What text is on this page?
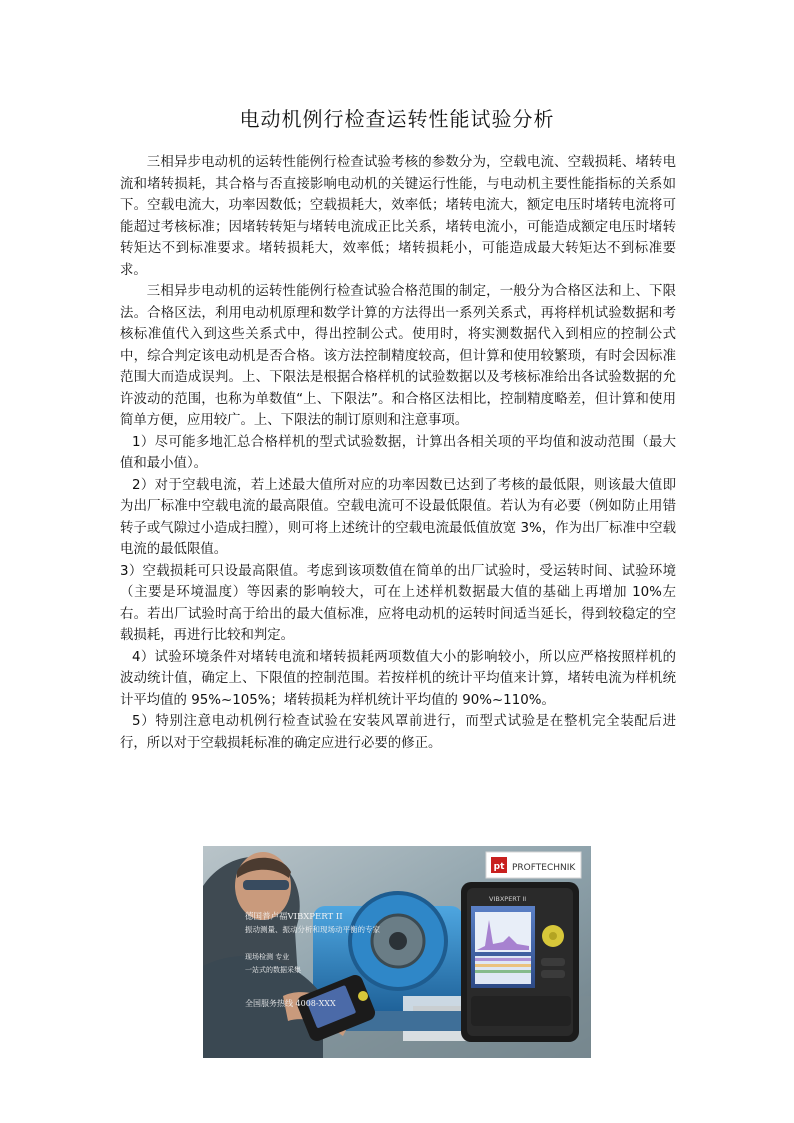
电动机例行检查运转性能试验分析

三相异步电动机的运转性能例行检查试验考核的参数分为，空载电流、空载损耗、堵转电流和堵转损耗，其合格与否直接影响电动机的关键运行性能，与电动机主要性能指标的关系如下。空载电流大，功率因数低；空载损耗大，效率低；堵转电流大，额定电压时堵转电流将可能超过考核标准；因堵转转矩与堵转电流成正比关系，堵转电流小，可能造成额定电压时堵转转矩达不到标准要求。堵转损耗大，效率低；堵转损耗小，可能造成最大转矩达不到标准要求。

三相异步电动机的运转性能例行检查试验合格范围的制定，一般分为合格区法和上、下限法。合格区法，利用电动机原理和数学计算的方法得出一系列关系式，再将样机试验数据和考核标准值代入到这些关系式中，得出控制公式。使用时，将实测数据代入到相应的控制公式中，综合判定该电动机是否合格。该方法控制精度较高，但计算和使用较繁琐，有时会因标准范围大而造成误判。上、下限法是根据合格样机的试验数据以及考核标准给出各试验数据的允许波动的范围，也称为单数值“上、下限法”。和合格区法相比，控制精度略差，但计算和使用简单方便，应用较广。上、下限法的制订原则和注意事项。

1）尽可能多地汇总合格样机的型式试验数据，计算出各相关项的平均值和波动范围（最大值和最小值）。

2）对于空载电流，若上述最大值所对应的功率因数已达到了考核的最低限，则该最大值即为出厂标准中空载电流的最高限值。空载电流可不设最低限值。若认为有必要（例如防止用错转子或气隙过小造成扫膛），则可将上述统计的空载电流最低值放宽 3%，作为出厂标准中空载电流的最低限值。

3）空载损耗可只设最高限值。考虑到该项数值在简单的出厂试验时，受运转时间、试验环境（主要是环境温度）等因素的影响较大，可在上述样机数据最大值的基础上再增加 10%左右。若出厂试验时高于给出的最大值标准，应将电动机的运转时间适当延长，得到较稳定的空载损耗，再进行比较和判定。

4）试验环境条件对堵转电流和堵转损耗两项数值大小的影响较小，所以应严格按照样机的波动统计值，确定上、下限值的控制范围。若按样机的统计平均值来计算，堵转电流为样机统计平均值的 95%~105%；堵转损耗为样机统计平均值的 90%~110%。

5）特别注意电动机例行检查试验在安装风罩前进行，而型式试验是在整机完全装配后进行，所以对于空载损耗标准的确定应进行必要的修正。

德国普卢福VIBXPERT II
振动测量、振动分析和现场动平衡的专家
现场检测 专业
一站式的数据采集
全国服务热线 4008-XXX
pt PROFTECHNIK
VIBXPERT II
